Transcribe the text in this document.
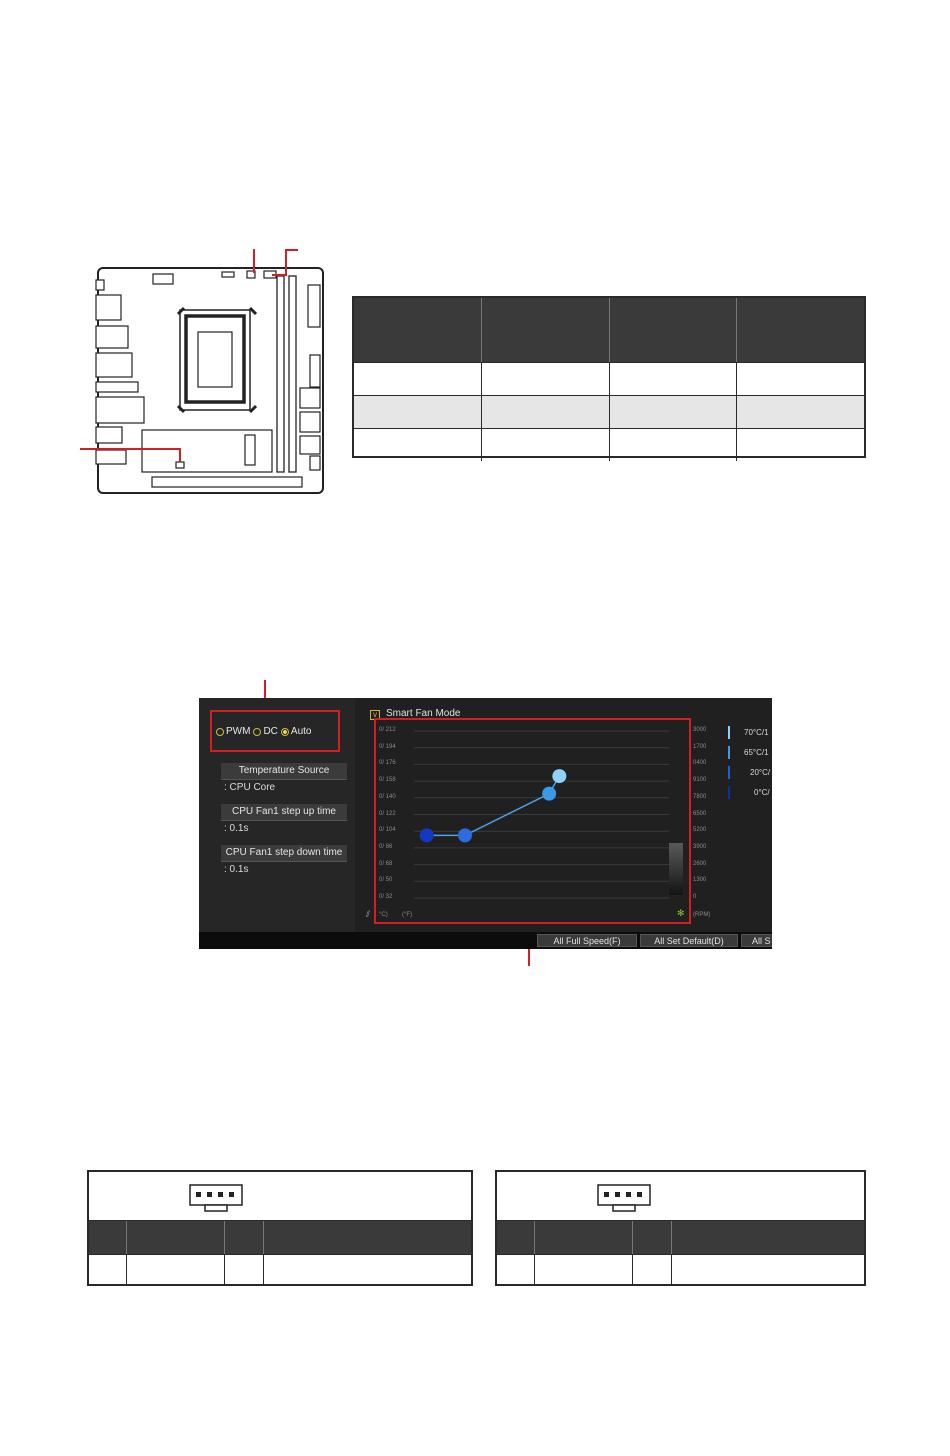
PWM DC Auto
Temperature Source
: CPU Core
CPU Fan1 step up time
: 0.1s
CPU Fan1 step down time
: 0.1s
v Smart Fan Mode
0/ 212
0/ 194
0/ 176
0/ 158
0/ 140
0/ 122
0/ 104
0/ 86
0/ 68
0/ 50
0/ 32
3000
1700
0400
9100
7800
6500
5200
3900
2600
1300
0
°C) (°F)	(RPM)
⫽	✻
70°C/1
65°C/1
20°C/
0°C/
All Full Speed(F)	All Set Default(D)	All S
